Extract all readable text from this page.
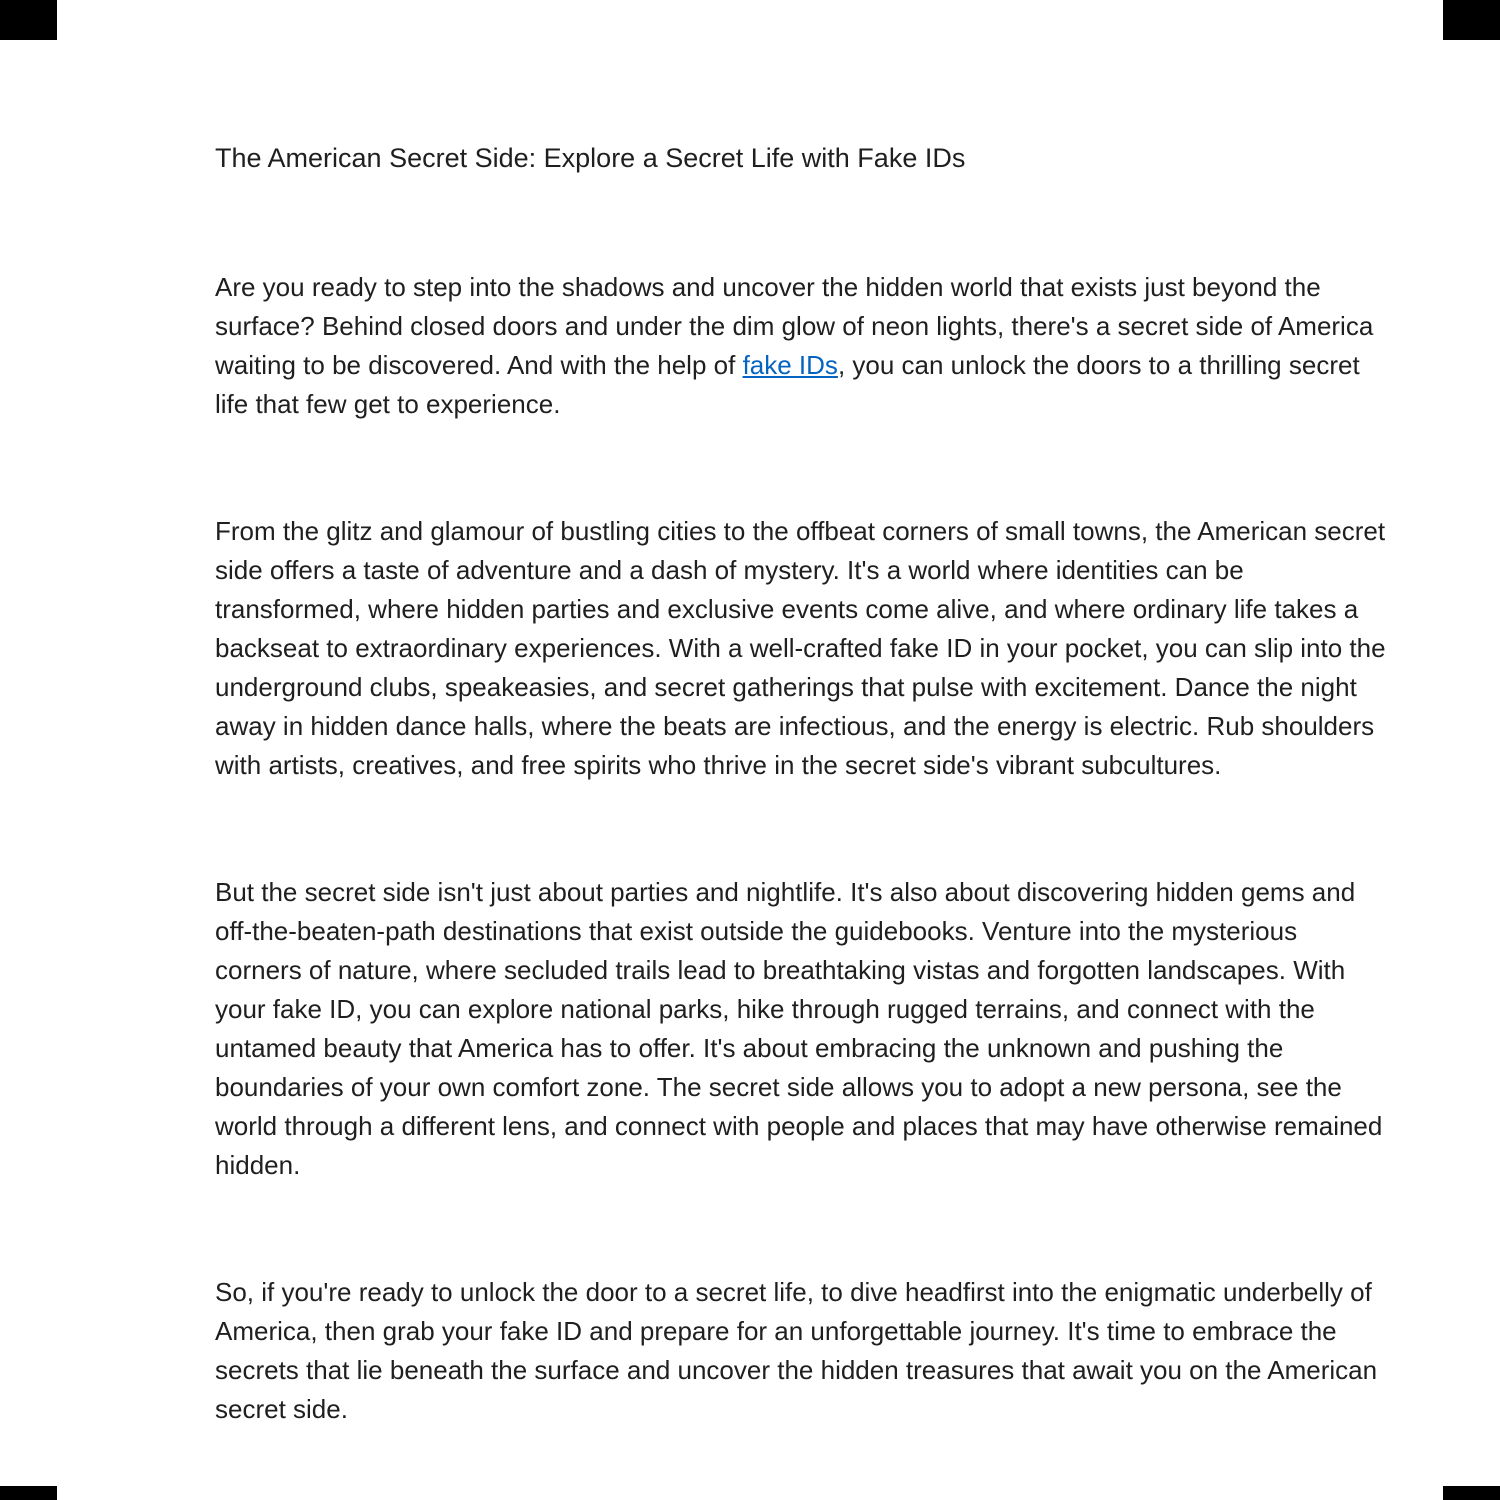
The American Secret Side: Explore a Secret Life with Fake IDs

Are you ready to step into the shadows and uncover the hidden world that exists just beyond the surface? Behind closed doors and under the dim glow of neon lights, there's a secret side of America waiting to be discovered. And with the help of fake IDs, you can unlock the doors to a thrilling secret life that few get to experience.

From the glitz and glamour of bustling cities to the offbeat corners of small towns, the American secret side offers a taste of adventure and a dash of mystery. It's a world where identities can be transformed, where hidden parties and exclusive events come alive, and where ordinary life takes a backseat to extraordinary experiences. With a well-crafted fake ID in your pocket, you can slip into the underground clubs, speakeasies, and secret gatherings that pulse with excitement. Dance the night away in hidden dance halls, where the beats are infectious, and the energy is electric. Rub shoulders with artists, creatives, and free spirits who thrive in the secret side's vibrant subcultures.

But the secret side isn't just about parties and nightlife. It's also about discovering hidden gems and off-the-beaten-path destinations that exist outside the guidebooks. Venture into the mysterious corners of nature, where secluded trails lead to breathtaking vistas and forgotten landscapes. With your fake ID, you can explore national parks, hike through rugged terrains, and connect with the untamed beauty that America has to offer. It's about embracing the unknown and pushing the boundaries of your own comfort zone. The secret side allows you to adopt a new persona, see the world through a different lens, and connect with people and places that may have otherwise remained hidden.

So, if you're ready to unlock the door to a secret life, to dive headfirst into the enigmatic underbelly of America, then grab your fake ID and prepare for an unforgettable journey. It's time to embrace the secrets that lie beneath the surface and uncover the hidden treasures that await you on the American secret side.
